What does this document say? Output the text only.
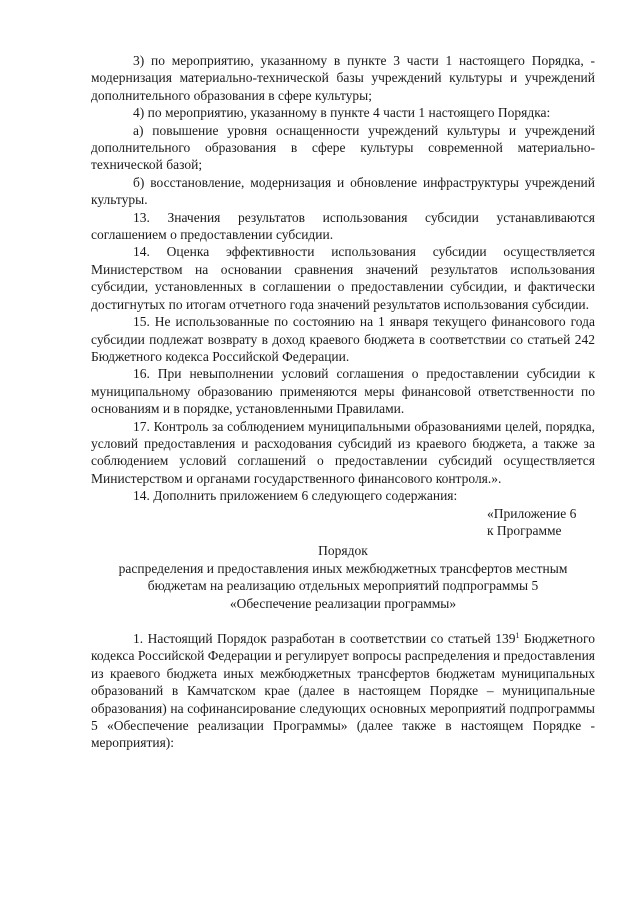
3) по мероприятию, указанному в пункте 3 части 1 настоящего Порядка, - модернизация материально-технической базы учреждений культуры и учреждений дополнительного образования в сфере культуры;

4) по мероприятию, указанному в пункте 4 части 1 настоящего Порядка:

а) повышение уровня оснащенности учреждений культуры и учреждений дополнительного образования в сфере культуры современной материально-технической базой;

б) восстановление, модернизация и обновление инфраструктуры учреждений культуры.

13. Значения результатов использования субсидии устанавливаются соглашением о предоставлении субсидии.

14. Оценка эффективности использования субсидии осуществляется Министерством на основании сравнения значений результатов использования субсидии, установленных в соглашении о предоставлении субсидии, и фактически достигнутых по итогам отчетного года значений результатов использования субсидии.

15. Не использованные по состоянию на 1 января текущего финансового года субсидии подлежат возврату в доход краевого бюджета в соответствии со статьей 242 Бюджетного кодекса Российской Федерации.

16. При невыполнении условий соглашения о предоставлении субсидии к муниципальному образованию применяются меры финансовой ответственности по основаниям и в порядке, установленными Правилами.

17. Контроль за соблюдением муниципальными образованиями целей, порядка, условий предоставления и расходования субсидий из краевого бюджета, а также за соблюдением условий соглашений о предоставлении субсидий осуществляется Министерством и органами государственного финансового контроля.».

14. Дополнить приложением 6 следующего содержания:

«Приложение 6
к Программе
Порядок
распределения и предоставления иных межбюджетных трансфертов местным
бюджетам на реализацию отдельных мероприятий подпрограммы 5
«Обеспечение реализации программы»

1. Настоящий Порядок разработан в соответствии со статьей $139^1$ Бюджетного кодекса Российской Федерации и регулирует вопросы распределения и предоставления из краевого бюджета иных межбюджетных трансфертов бюджетам муниципальных образований в Камчатском крае (далее в настоящем Порядке – муниципальные образования) на софинансирование следующих основных мероприятий подпрограммы 5 «Обеспечение реализации Программы» (далее также в настоящем Порядке - мероприятия):
